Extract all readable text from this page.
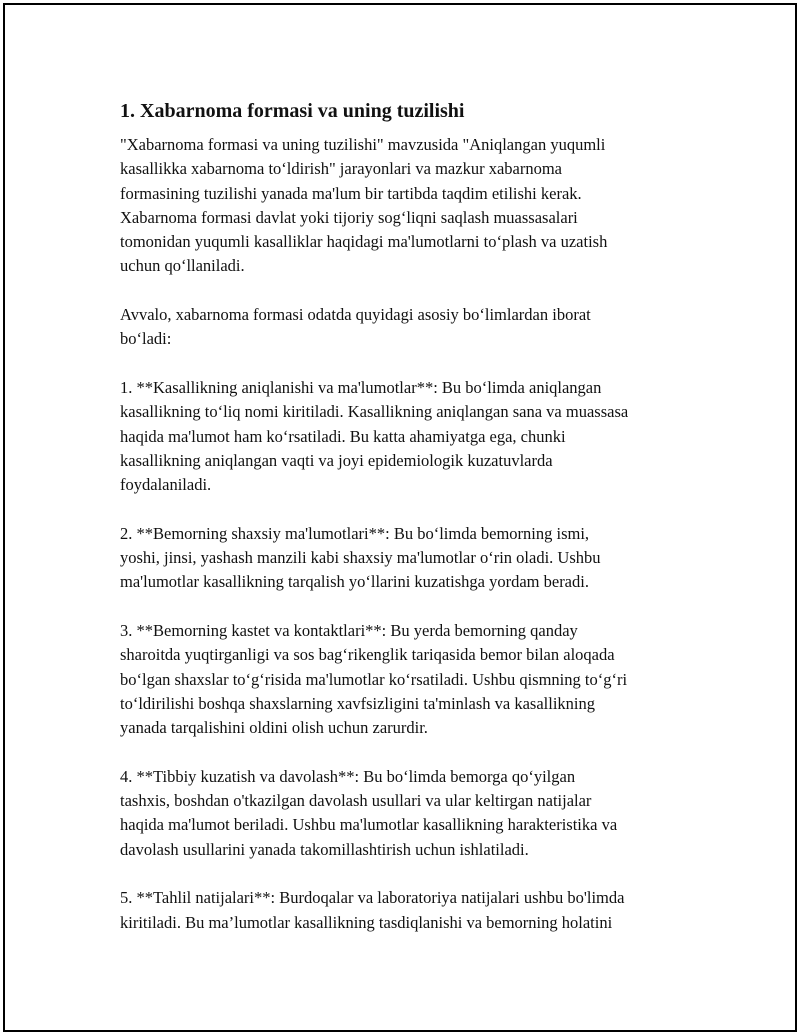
1. Xabarnoma formasi va uning tuzilishi

"Xabarnoma formasi va uning tuzilishi" mavzusida "Aniqlangan yuqumli
kasallikka xabarnoma to‘ldirish" jarayonlari va mazkur xabarnoma
formasining tuzilishi yanada ma'lum bir tartibda taqdim etilishi kerak.
Xabarnoma formasi davlat yoki tijoriy sog‘liqni saqlash muassasalari
tomonidan yuqumli kasalliklar haqidagi ma'lumotlarni to‘plash va uzatish
uchun qo‘llaniladi.

Avvalo, xabarnoma formasi odatda quyidagi asosiy bo‘limlardan iborat
bo‘ladi:

1. **Kasallikning aniqlanishi va ma'lumotlar**: Bu bo‘limda aniqlangan
kasallikning to‘liq nomi kiritiladi. Kasallikning aniqlangan sana va muassasa
haqida ma'lumot ham ko‘rsatiladi. Bu katta ahamiyatga ega, chunki
kasallikning aniqlangan vaqti va joyi epidemiologik kuzatuvlarda
foydalaniladi.

2. **Bemorning shaxsiy ma'lumotlari**: Bu bo‘limda bemorning ismi,
yoshi, jinsi, yashash manzili kabi shaxsiy ma'lumotlar o‘rin oladi. Ushbu
ma'lumotlar kasallikning tarqalish yo‘llarini kuzatishga yordam beradi.

3. **Bemorning kastet va kontaktlari**: Bu yerda bemorning qanday
sharoitda yuqtirganligi va sos bag‘rikenglik tariqasida bemor bilan aloqada
bo‘lgan shaxslar to‘g‘risida ma'lumotlar ko‘rsatiladi. Ushbu qismning to‘g‘ri
to‘ldirilishi boshqa shaxslarning xavfsizligini ta'minlash va kasallikning
yanada tarqalishini oldini olish uchun zarurdir.

4. **Tibbiy kuzatish va davolash**: Bu bo‘limda bemorga qo‘yilgan
tashxis, boshdan o'tkazilgan davolash usullari va ular keltirgan natijalar
haqida ma'lumot beriladi. Ushbu ma'lumotlar kasallikning harakteristika va
davolash usullarini yanada takomillashtirish uchun ishlatiladi.

5. **Tahlil natijalari**: Burdoqalar va laboratoriya natijalari ushbu bo'limda
kiritiladi. Bu ma’lumotlar kasallikning tasdiqlanishi va bemorning holatini
